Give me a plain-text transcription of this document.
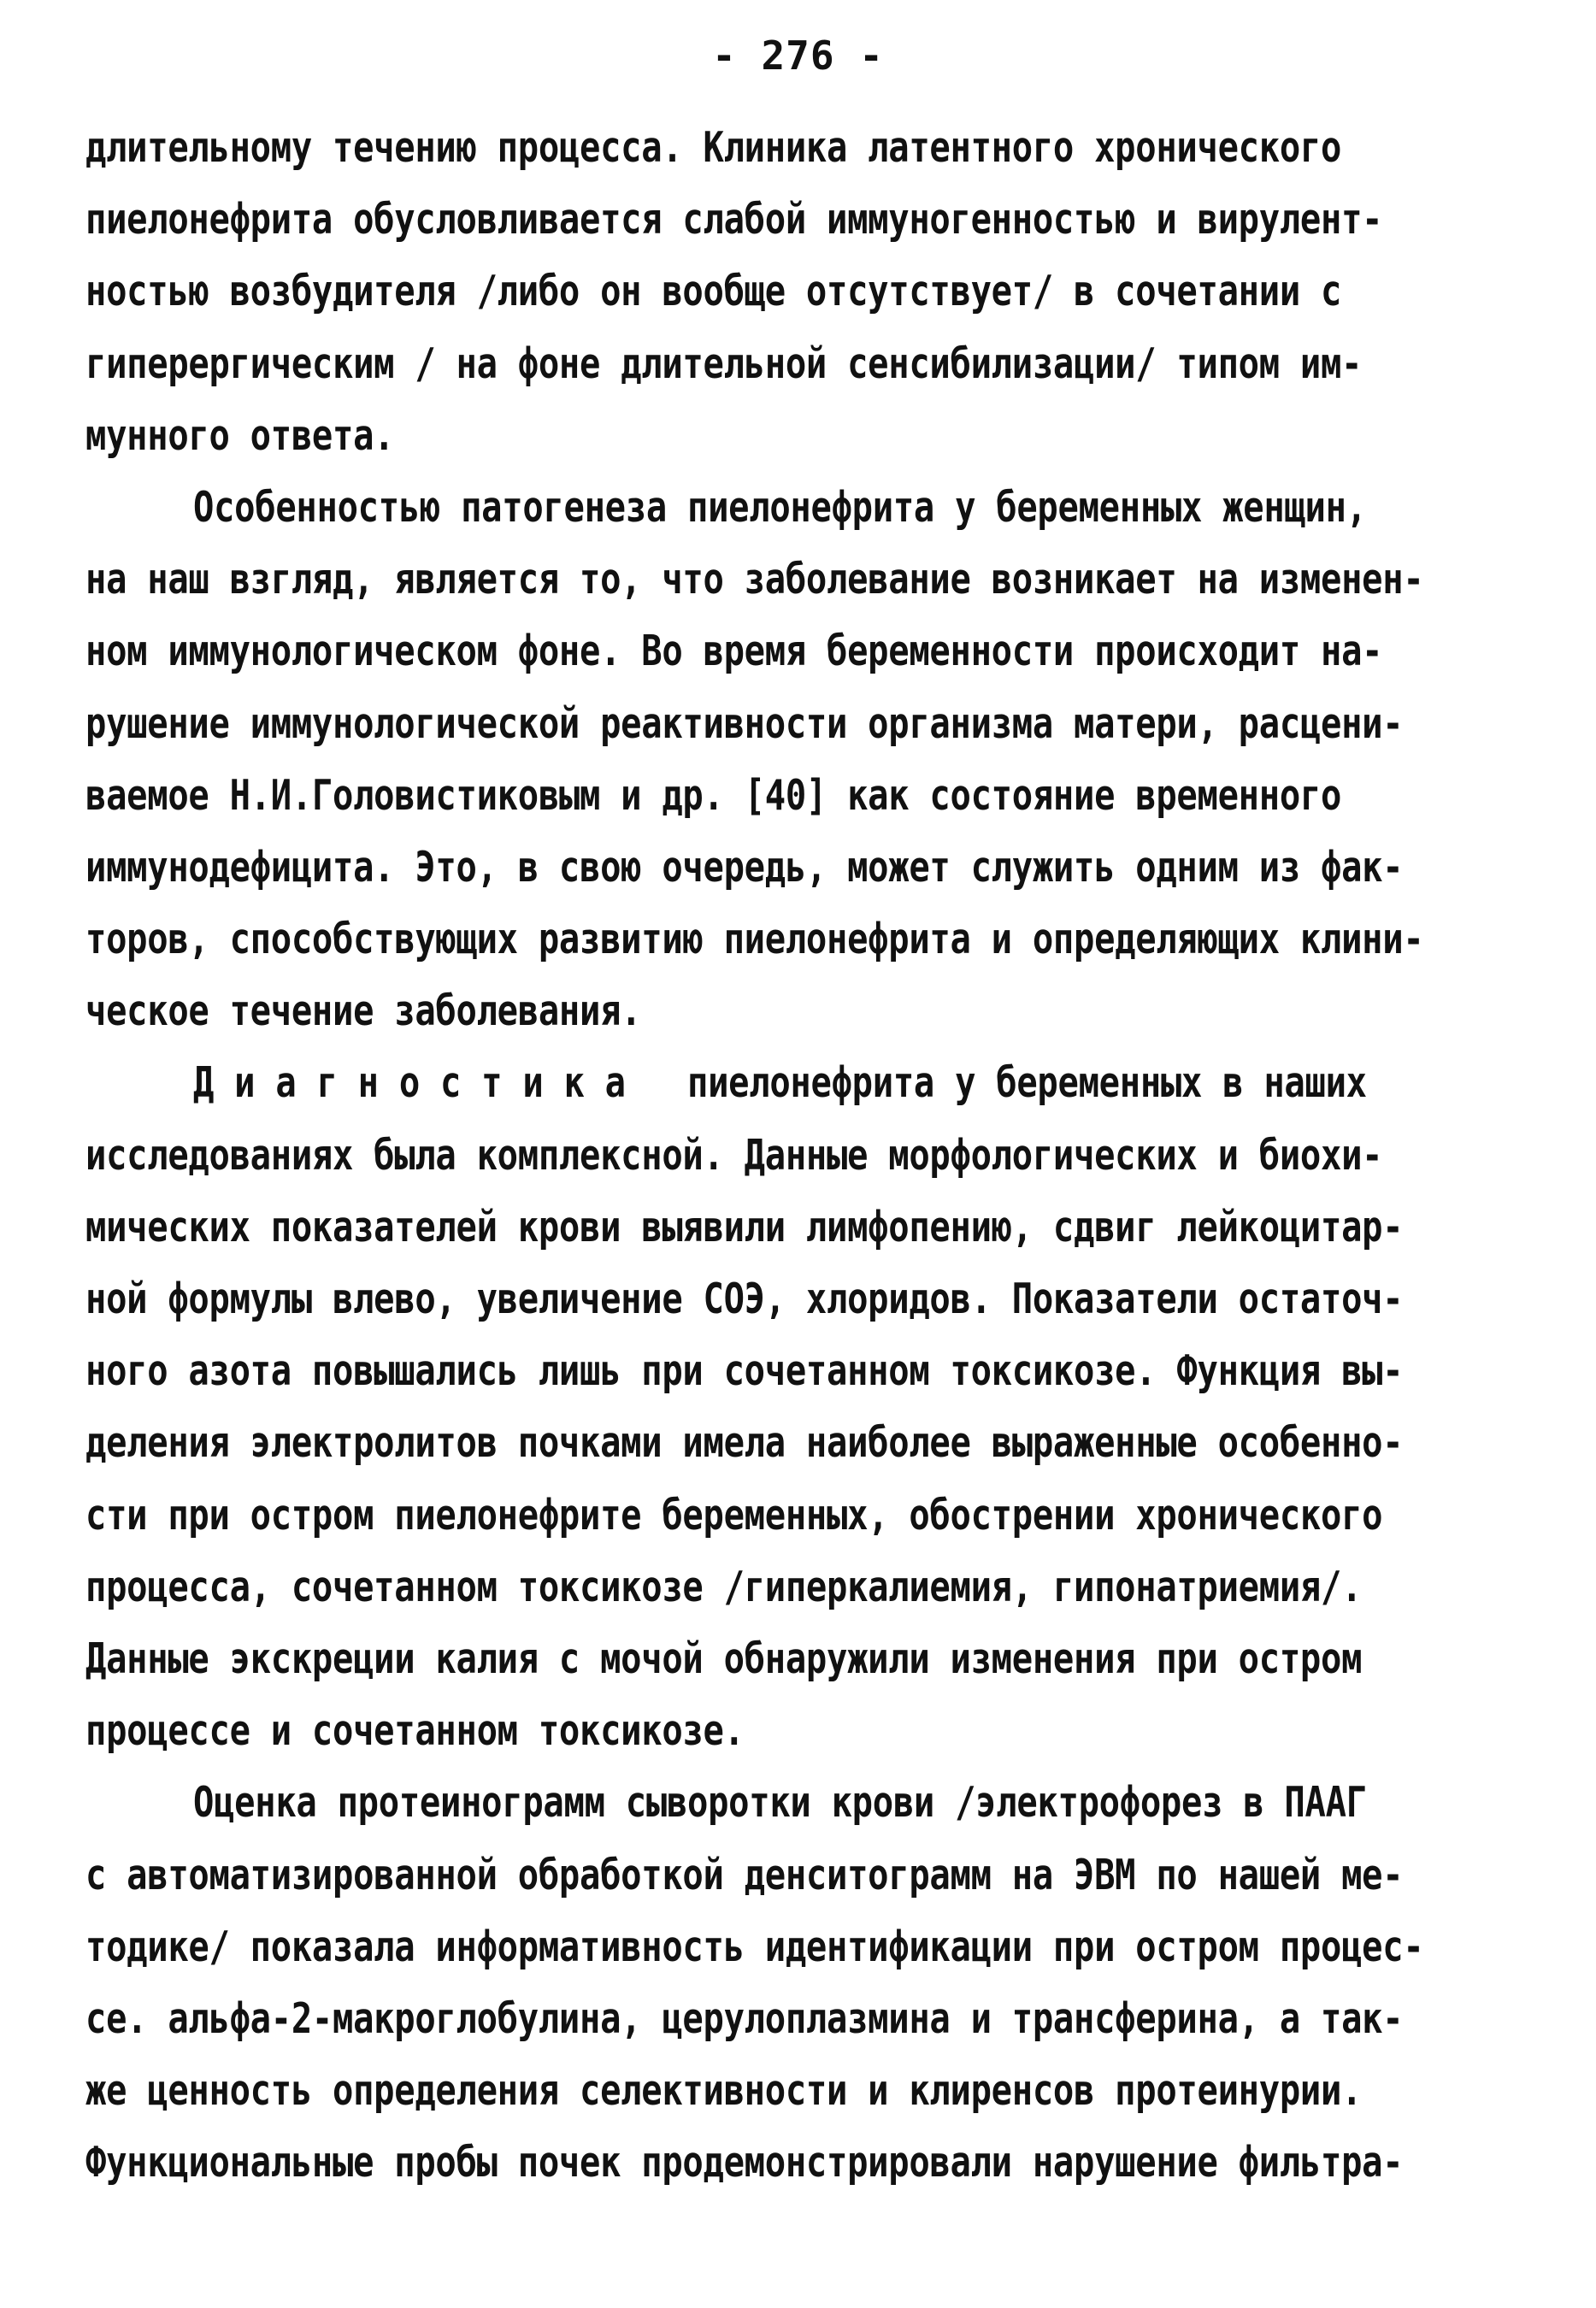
- 276 -
длительному течению процесса. Клиника латентного хронического
пиелонефрита обусловливается слабой иммуногенностью и вирулент-
ностью возбудителя /либо он вообще отсутствует/ в сочетании с
гиперергическим / на фоне длительной сенсибилизации/ типом им-
мунного ответа.
Особенностью патогенеза пиелонефрита у беременных женщин,
на наш взгляд, является то, что заболевание возникает на изменен-
ном иммунологическом фоне. Во время беременности происходит на-
рушение иммунологической реактивности организма матери, расцени-
ваемое Н.И.Головистиковым и др. [40] как состояние временного
иммунодефицита. Это, в свою очередь, может служить одним из фак-
торов, способствующих развитию пиелонефрита и определяющих клини-
ческое течение заболевания.
Д и а г н о с т и к а   пиелонефрита у беременных в наших
исследованиях была комплексной. Данные морфологических и биохи-
мических показателей крови выявили лимфопению, сдвиг лейкоцитар-
ной формулы влево, увеличение СОЭ, хлоридов. Показатели остаточ-
ного азота повышались лишь при сочетанном токсикозе. Функция вы-
деления электролитов почками имела наиболее выраженные особенно-
сти при остром пиелонефрите беременных, обострении хронического
процесса, сочетанном токсикозе /гиперкалиемия, гипонатриемия/.
Данные экскреции калия с мочой обнаружили изменения при остром
процессе и сочетанном токсикозе.
Оценка протеинограмм сыворотки крови /электрофорез в ПААГ
с автоматизированной обработкой денситограмм на ЭВМ по нашей ме-
тодике/ показала информативность идентификации при остром процес-
се. альфа-2-макроглобулина, церулоплазмина и трансферина, а так-
же ценность определения селективности и клиренсов протеинурии.
Функциональные пробы почек продемонстрировали нарушение фильтра-
